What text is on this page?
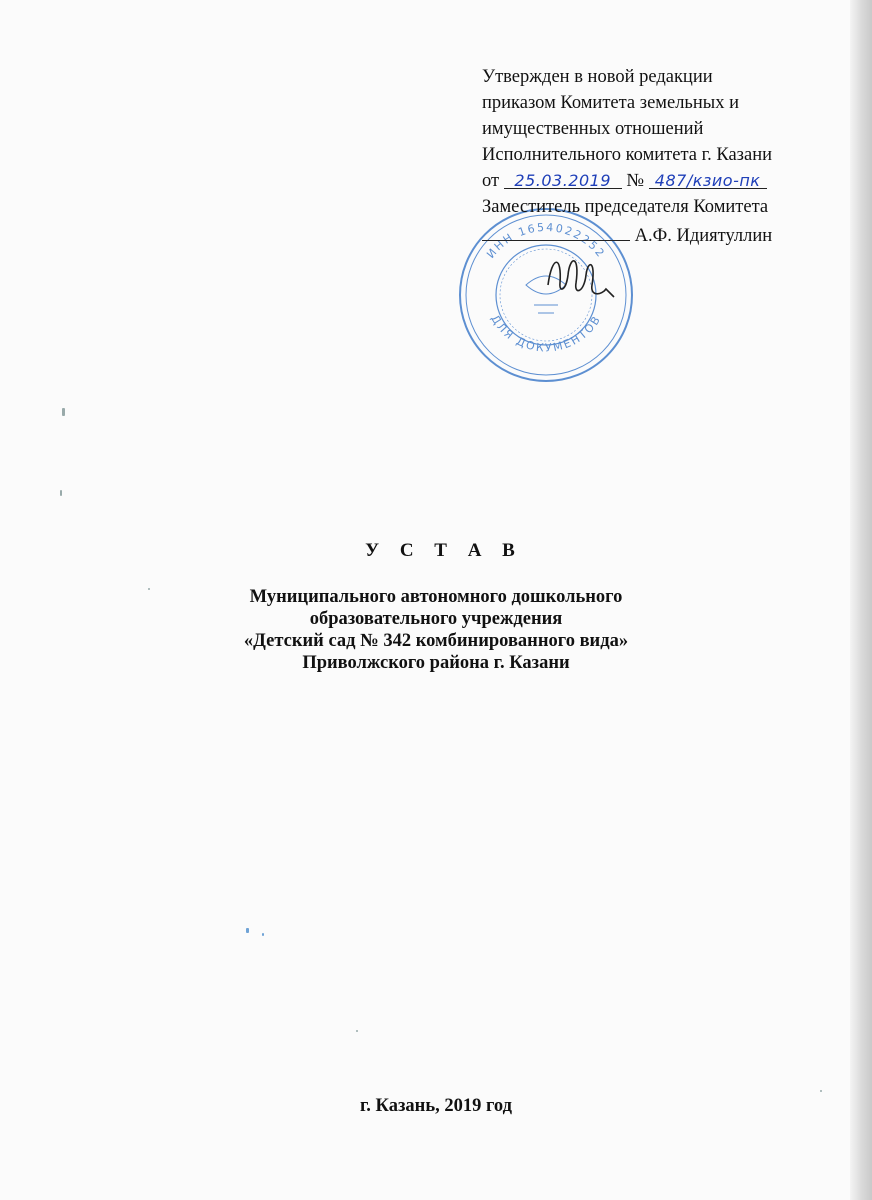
ИНН 1654022252
ДЛЯ ДОКУМЕНТОВ
Утвержден в новой редакции
приказом Комитета земельных и
имущественных отношений
Исполнительного комитета г. Казани
от 25.03.2019 № 487/кзио-пк
Заместитель председателя Комитета
А.Ф. Идиятуллин
У С Т А В
Муниципального автономного дошкольного
образовательного учреждения
«Детский сад № 342 комбинированного вида»
Приволжского района г. Казани
г. Казань, 2019 год
